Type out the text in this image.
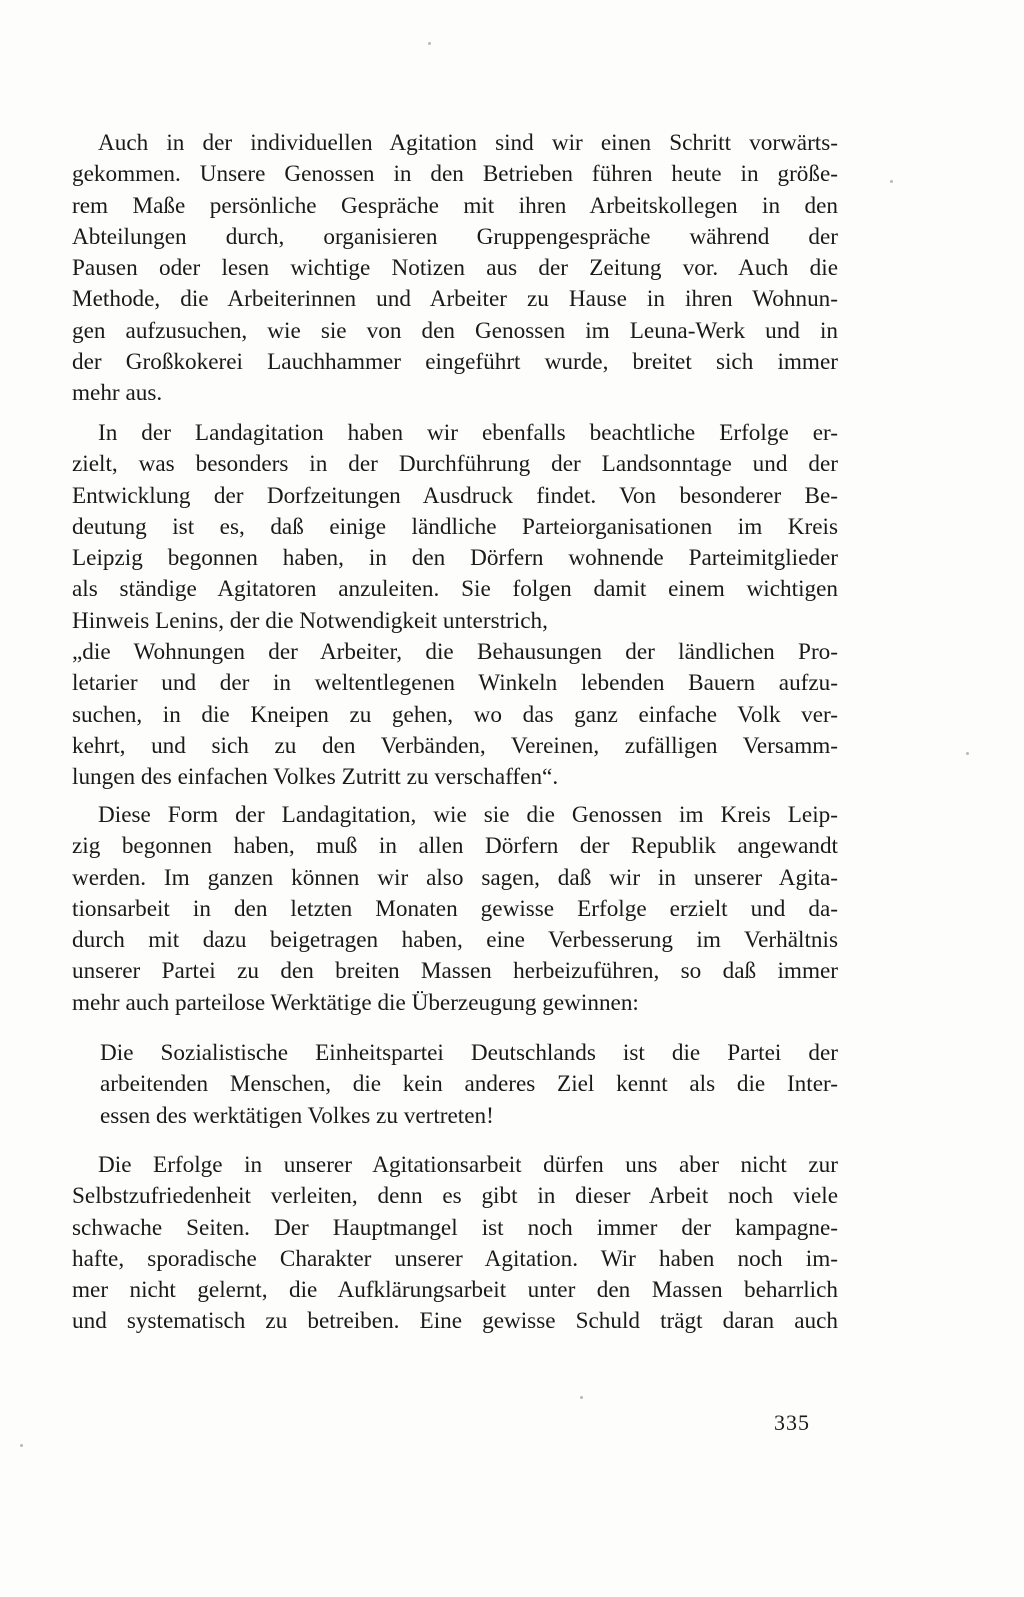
Auch in der individuellen Agitation sind wir einen Schritt vorwärts-
gekommen. Unsere Genossen in den Betrieben führen heute in größe-
rem Maße persönliche Gespräche mit ihren Arbeitskollegen in den
Abteilungen durch, organisieren Gruppengespräche während der
Pausen oder lesen wichtige Notizen aus der Zeitung vor. Auch die
Methode, die Arbeiterinnen und Arbeiter zu Hause in ihren Wohnun-
gen aufzusuchen, wie sie von den Genossen im Leuna-Werk und in
der Großkokerei Lauchhammer eingeführt wurde, breitet sich immer
mehr aus.
In der Landagitation haben wir ebenfalls beachtliche Erfolge er-
zielt, was besonders in der Durchführung der Landsonntage und der
Entwicklung der Dorfzeitungen Ausdruck findet. Von besonderer Be-
deutung ist es, daß einige ländliche Parteiorganisationen im Kreis
Leipzig begonnen haben, in den Dörfern wohnende Parteimitglieder
als ständige Agitatoren anzuleiten. Sie folgen damit einem wichtigen
Hinweis Lenins, der die Notwendigkeit unterstrich,
„die Wohnungen der Arbeiter, die Behausungen der ländlichen Pro-
letarier und der in weltentlegenen Winkeln lebenden Bauern aufzu-
suchen, in die Kneipen zu gehen, wo das ganz einfache Volk ver-
kehrt, und sich zu den Verbänden, Vereinen, zufälligen Versamm-
lungen des einfachen Volkes Zutritt zu verschaffen“.
Diese Form der Landagitation, wie sie die Genossen im Kreis Leip-
zig begonnen haben, muß in allen Dörfern der Republik angewandt
werden. Im ganzen können wir also sagen, daß wir in unserer Agita-
tionsarbeit in den letzten Monaten gewisse Erfolge erzielt und da-
durch mit dazu beigetragen haben, eine Verbesserung im Verhältnis
unserer Partei zu den breiten Massen herbeizuführen, so daß immer
mehr auch parteilose Werktätige die Überzeugung gewinnen:
Die Sozialistische Einheitspartei Deutschlands ist die Partei der
arbeitenden Menschen, die kein anderes Ziel kennt als die Inter-
essen des werktätigen Volkes zu vertreten!
Die Erfolge in unserer Agitationsarbeit dürfen uns aber nicht zur
Selbstzufriedenheit verleiten, denn es gibt in dieser Arbeit noch viele
schwache Seiten. Der Hauptmangel ist noch immer der kampagne-
hafte, sporadische Charakter unserer Agitation. Wir haben noch im-
mer nicht gelernt, die Aufklärungsarbeit unter den Massen beharrlich
und systematisch zu betreiben. Eine gewisse Schuld trägt daran auch
335
